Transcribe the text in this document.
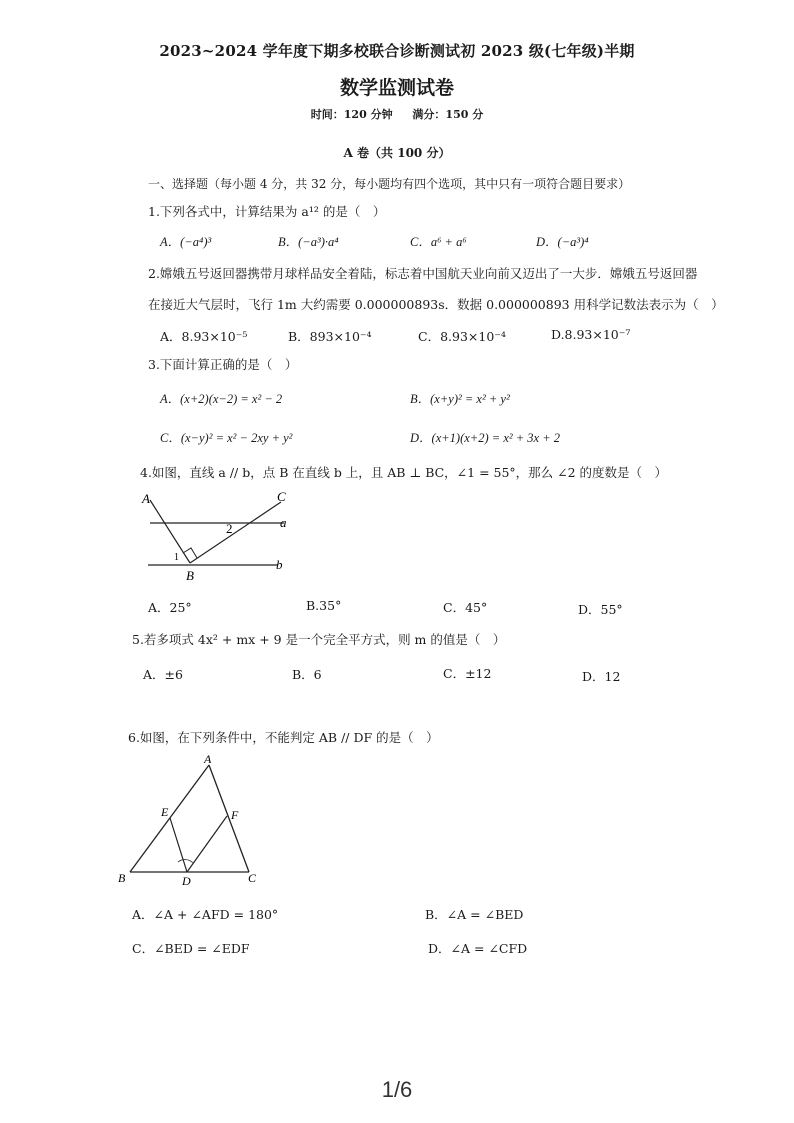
2023~2024 学年度下期多校联合诊断测试初 2023 级(七年级)半期
数学监测试卷
时间：120 分钟 满分：150 分
A 卷（共 100 分）
一、选择题（每小题 4 分，共 32 分，每小题均有四个选项，其中只有一项符合题目要求）
1.下列各式中，计算结果为 a¹² 的是（　）
A．(−a⁴)³	B．(−a³)·a⁴	C．a⁶ + a⁶	D．(−a³)⁴
2.嫦娥五号返回器携带月球样品安全着陆，标志着中国航天业向前又迈出了一大步．嫦娥五号返回器
在接近大气层时，飞行 1m 大约需要 0.000000893s．数据 0.000000893 用科学记数法表示为（　）
A．8.93×10⁻⁵	B．893×10⁻⁴	C．8.93×10⁻⁴	D.8.93×10⁻⁷
3.下面计算正确的是（　）
A．(x+2)(x−2) = x² − 2	B．(x+y)² = x² + y²
C．(x−y)² = x² − 2xy + y²	D．(x+1)(x+2) = x² + 3x + 2
4.如图，直线 a // b，点 B 在直线 b 上，且 AB ⊥ BC，∠1 = 55°，那么 ∠2 的度数是（　）
A	C
a
b
B
1
2
A．25°	B.35°	C．45°	D．55°
5.若多项式 4x² + mx + 9 是一个完全平方式，则 m 的值是（　）
A．±6	B．6	C．±12	D．12
6.如图，在下列条件中，不能判定 AB // DF 的是（　）
A
B	C
D
E	F
A．∠A + ∠AFD = 180°	B．∠A = ∠BED
C．∠BED = ∠EDF	D．∠A = ∠CFD
1/6
